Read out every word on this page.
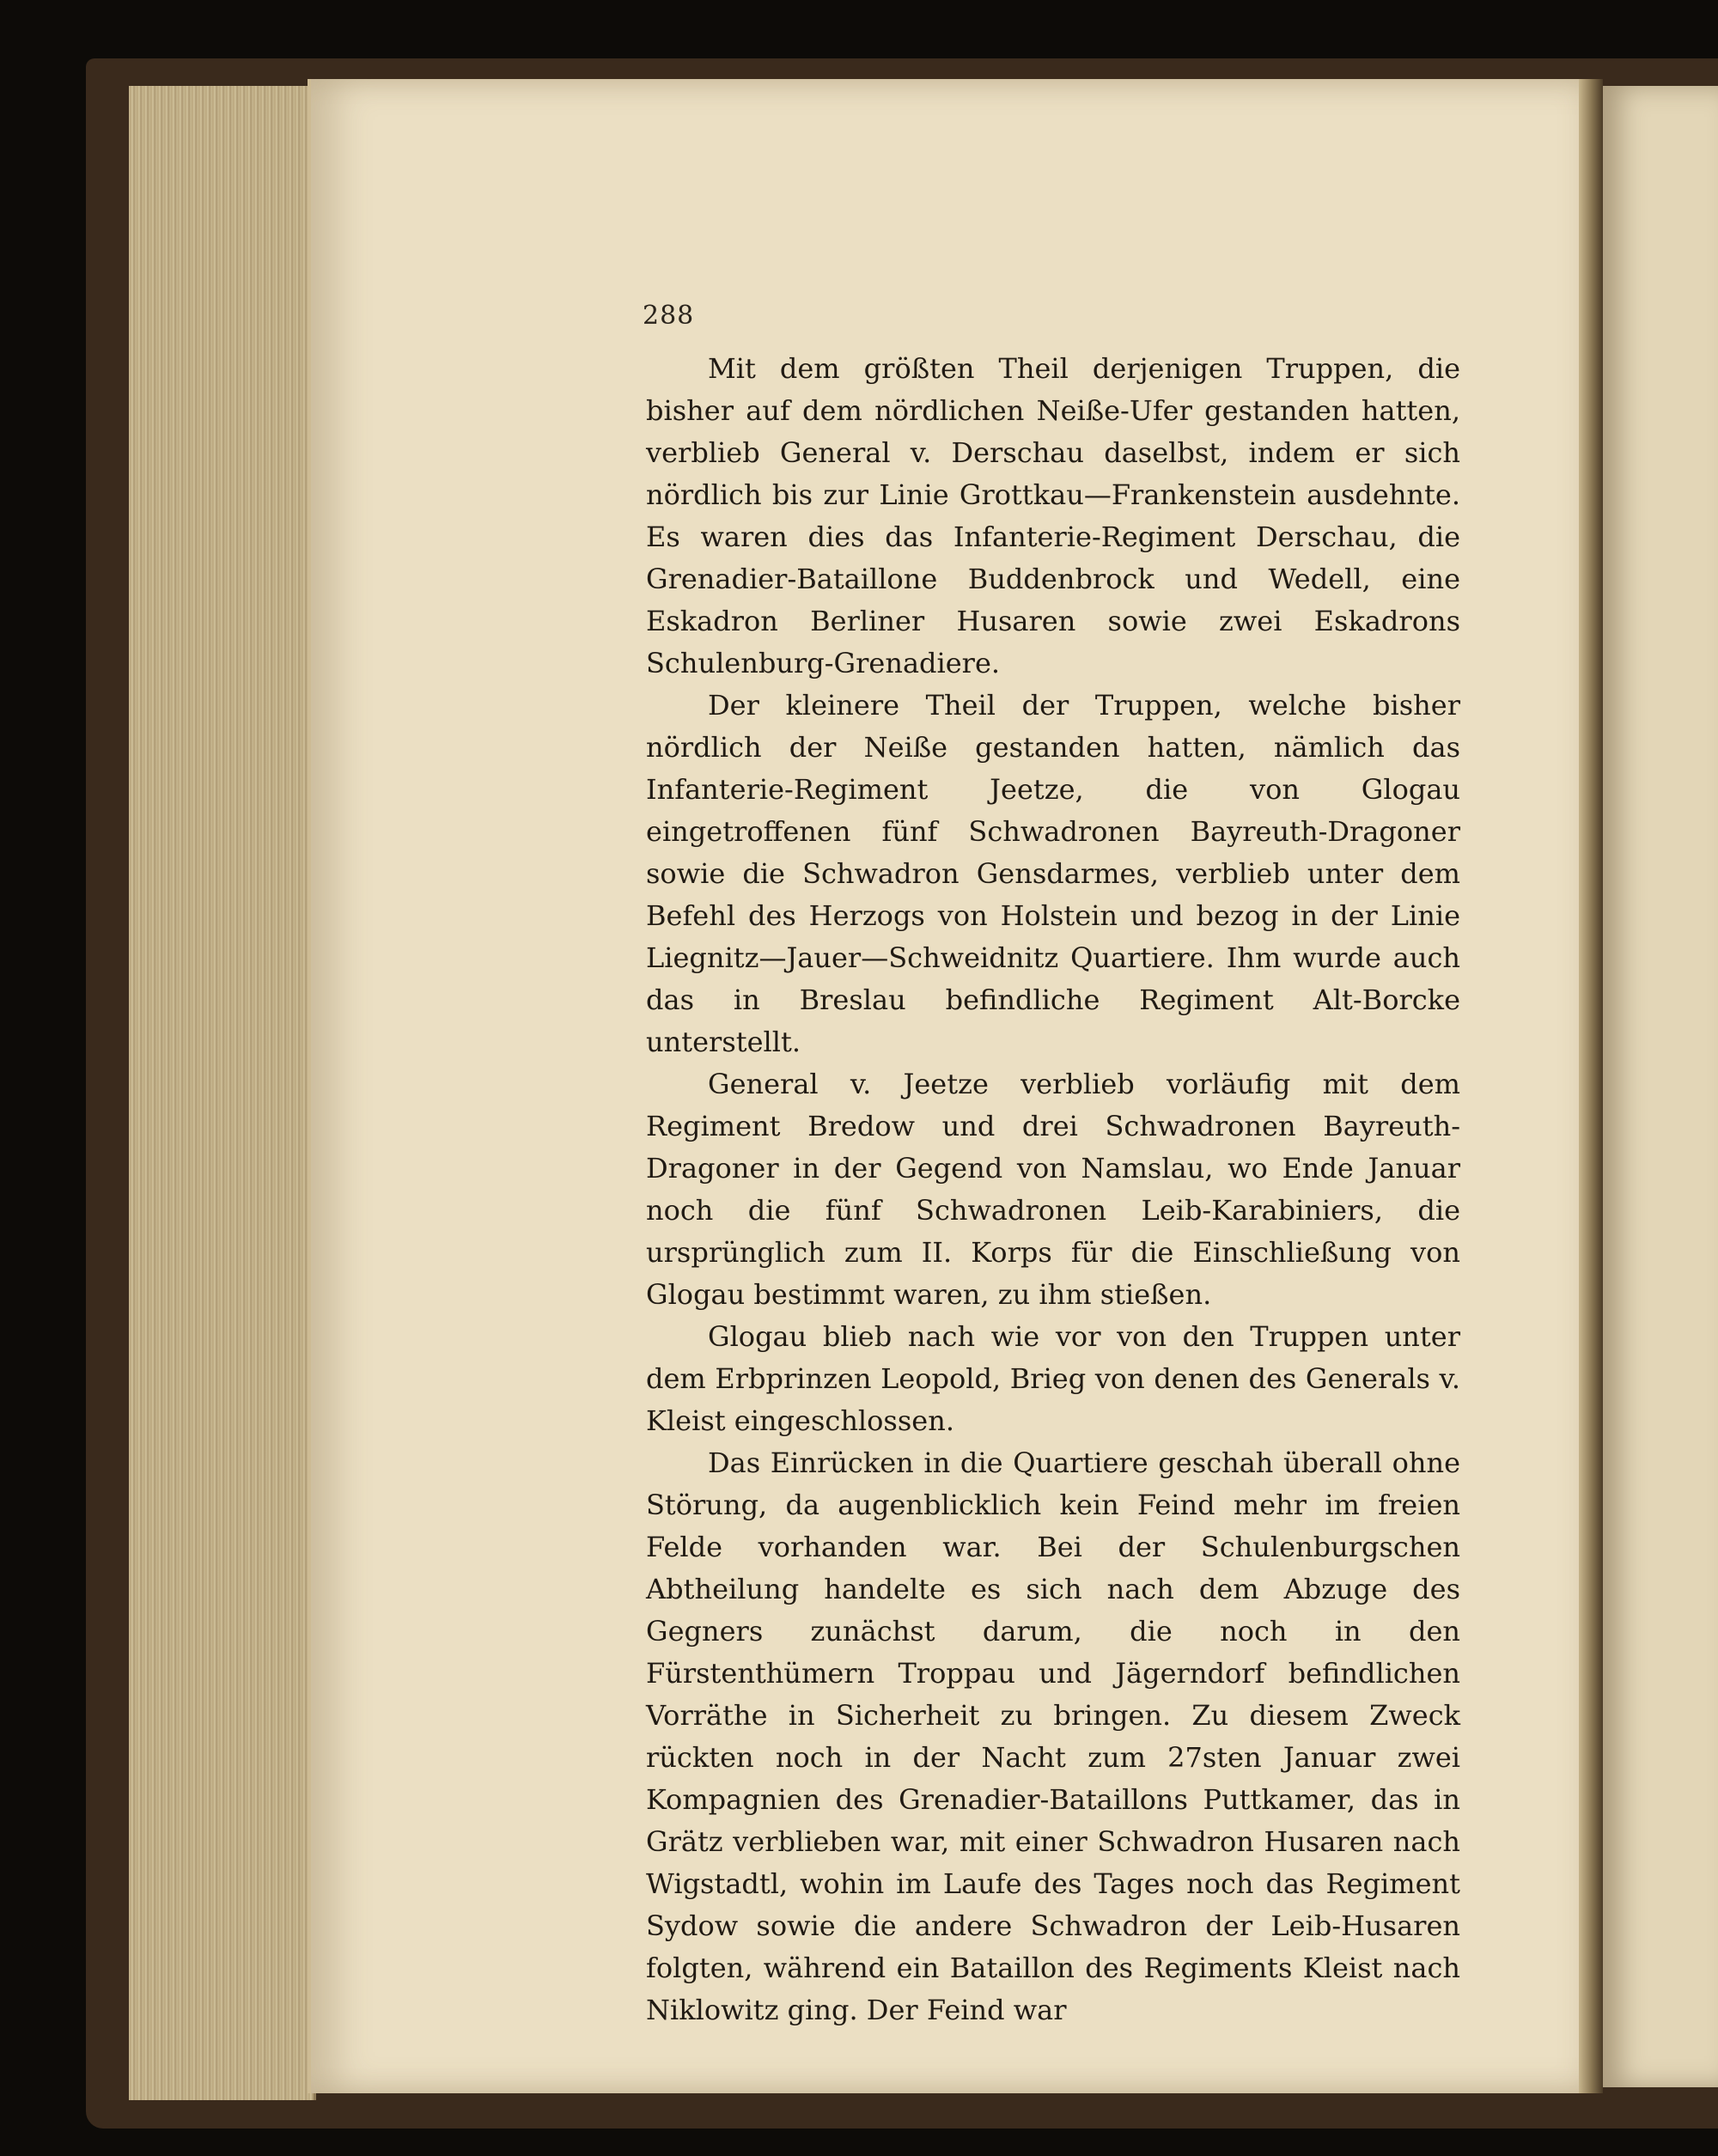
288

Mit dem größten Theil derjenigen Truppen, die bisher auf dem nördlichen Neiße-Ufer gestanden hatten, verblieb General v. Derschau daselbst, indem er sich nördlich bis zur Linie Grottkau—Frankenstein ausdehnte. Es waren dies das Infanterie-Regiment Derschau, die Grenadier-Bataillone Buddenbrock und Wedell, eine Eskadron Berliner Husaren sowie zwei Eskadrons Schulenburg-Grenadiere.

Der kleinere Theil der Truppen, welche bisher nördlich der Neiße gestanden hatten, nämlich das Infanterie-Regiment Jeetze, die von Glogau eingetroffenen fünf Schwadronen Bayreuth-Dragoner sowie die Schwadron Gensdarmes, verblieb unter dem Befehl des Herzogs von Holstein und bezog in der Linie Liegnitz—Jauer—Schweidnitz Quartiere. Ihm wurde auch das in Breslau befindliche Regiment Alt-Borcke unterstellt.

General v. Jeetze verblieb vorläufig mit dem Regiment Bredow und drei Schwadronen Bayreuth-Dragoner in der Gegend von Namslau, wo Ende Januar noch die fünf Schwadronen Leib-Karabiniers, die ursprünglich zum II. Korps für die Einschließung von Glogau bestimmt waren, zu ihm stießen.

Glogau blieb nach wie vor von den Truppen unter dem Erbprinzen Leopold, Brieg von denen des Generals v. Kleist eingeschlossen.

Das Einrücken in die Quartiere geschah überall ohne Störung, da augenblicklich kein Feind mehr im freien Felde vorhanden war. Bei der Schulenburgschen Abtheilung handelte es sich nach dem Abzuge des Gegners zunächst darum, die noch in den Fürstenthümern Troppau und Jägerndorf befindlichen Vorräthe in Sicherheit zu bringen. Zu diesem Zweck rückten noch in der Nacht zum 27sten Januar zwei Kompagnien des Grenadier-Bataillons Puttkamer, das in Grätz verblieben war, mit einer Schwadron Husaren nach Wigstadtl, wohin im Laufe des Tages noch das Regiment Sydow sowie die andere Schwadron der Leib-Husaren folgten, während ein Bataillon des Regiments Kleist nach Niklowitz ging. Der Feind war
